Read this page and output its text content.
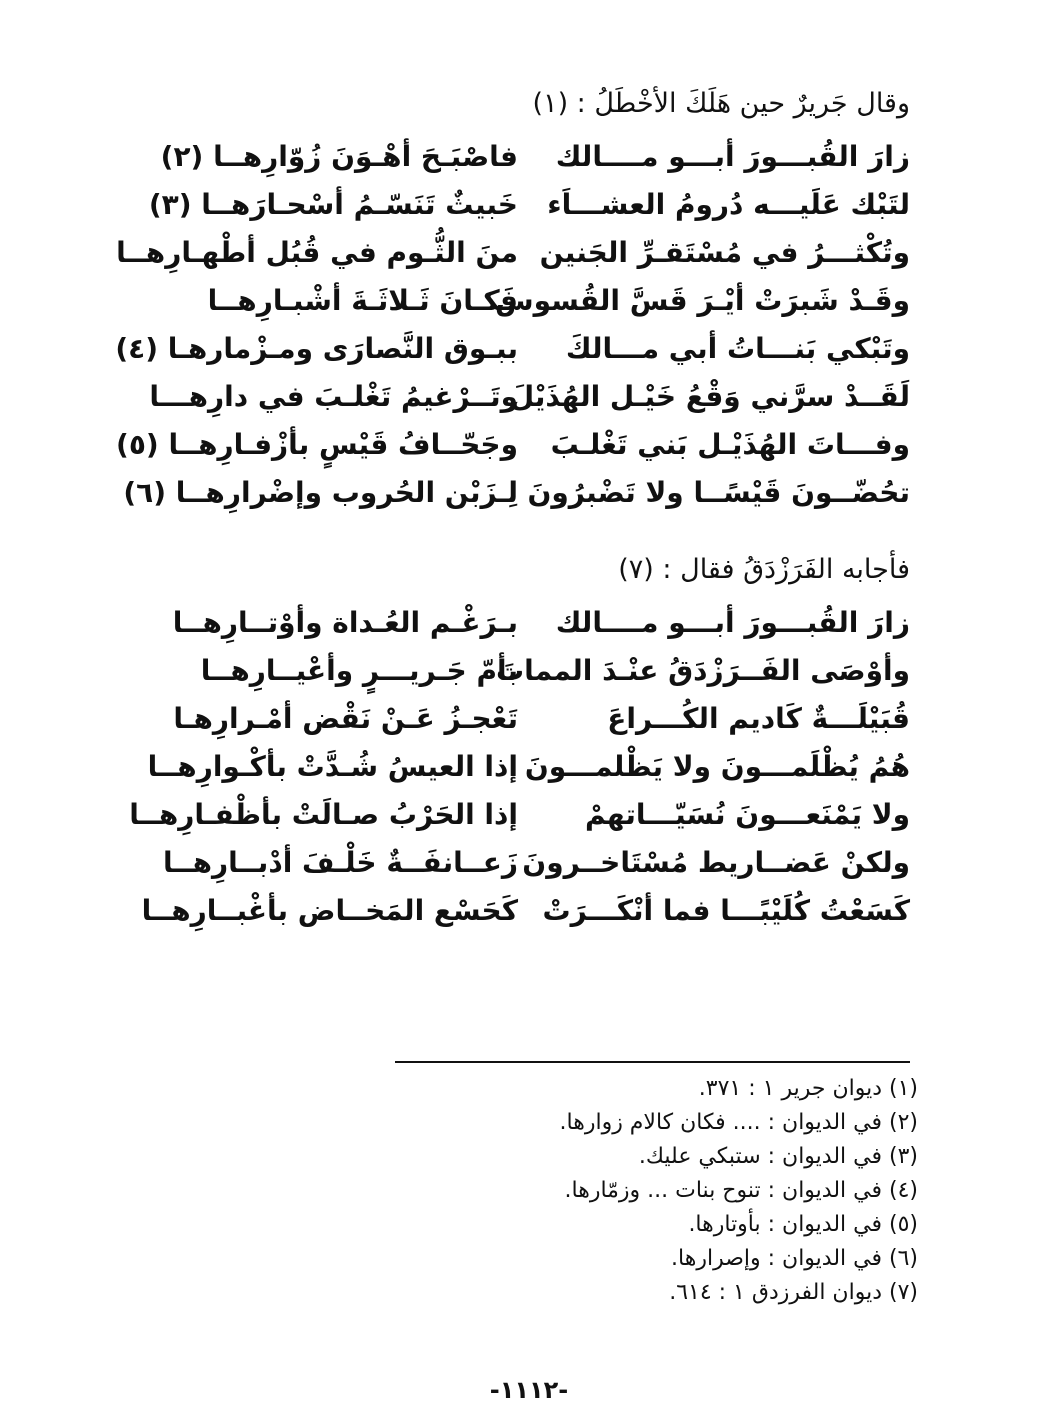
وقال جَريرٌ حين هَلَكَ الأخْطَلُ : (١)
زارَ القُبـــورَ أبـــو مــــالك
فاصْبَـحَ أهْـوَنَ زُوّارِهــا (٢)
لتَبْك عَلَيـــه دُرومُ العشـــاَء
خَبيثٌ تَنَسّـمُ أسْحـارَهــا (٣)
وتُكْثـــرُ في مُسْتَقـرِّ الجَنين
منَ الثُّـوم في قُبُل أطْهـارِهــا
وقَـدْ شَبرَتْ أيْـرَ قَسَّ القُسوس
فَكـانَ ثَـلاثَـةَ أشْبـارِهــا
وتَبْكي بَنـــاتُ أبي مـــالكَ
ببـوق النَّصارَى ومـزْمارهـا (٤)
لَقَــدْ سرَّني وَقْعُ خَيْـل الهُذَيْلَ
وتَــرْغيمُ تَغْلـبَ في دارِهـــا
وفـــاتَ الهُذَيْـل بَني تَغْلـبَ
وجَحّــافُ قَيْسٍ بأزْفـارِهــا (٥)
تحُضّــونَ قَيْسًــا ولا تَضْبرُونَ
لِـزَبْن الحُروب وإضْرارِهــا (٦)
فأجابه الفَرَزْدَقُ فقال : (٧)
زارَ القُبـــورَ أبـــو مــــالك
بـرَغْـم العُـداة وأوْتــارِهــا
وأوْصَى الفَــرَزْدَقُ عنْـدَ المماتَ
بأمّ جَـريـــرٍ وأعْيــارِهــا
قُبَيْلَـــةٌ كَاديم الكُـــراعَ
تَعْجـزُ عَـنْ نَقْض أمْـرارِهـا
هُمُ يُظْلَمـــونَ ولا يَظْلمـــونَ
إذا العيسُ شُـدَّتْ بأكْـوارِهــا
ولا يَمْنَعـــونَ نُسَيّـــاتهمْ
إذا الحَرْبُ صـالَتْ بأظْفـارِهــا
ولكنْ عَضــاريط مُسْتَاخــرونَ
زَعــانفَــةٌ خَلْـفَ أدْبــارِهــا
كَسَعْتُ كُلَيْبًـــا فما أنْكَـــرَتْ
كَحَسْع المَخــاض بأغْبــارِهــا
(١) ديوان جرير ١ : ٣٧١.
(٢) في الديوان : .... فكان كالام زوارها.
(٣) في الديوان : ستبكي عليك.
(٤) في الديوان : تنوح بنات ... وزمّارها.
(٥) في الديوان : بأوتارها.
(٦) في الديوان : وإصرارها.
(٧) ديوان الفرزدق ١ : ٦١٤.
-١١١٢-
